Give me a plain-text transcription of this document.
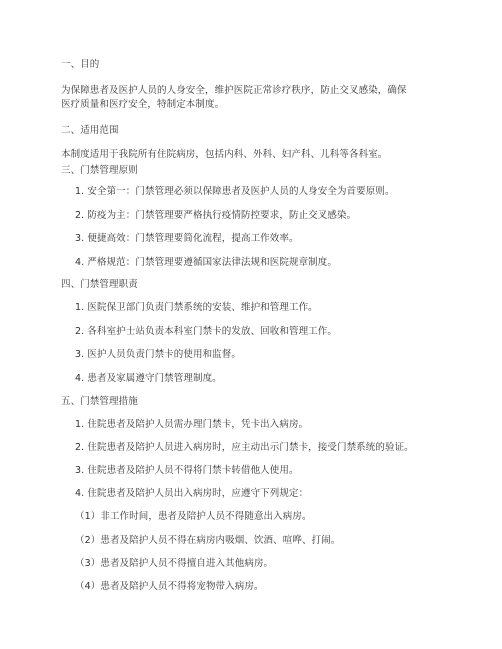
一、目的
为保障患者及医护人员的人身安全，维护医院正常诊疗秩序，防止交叉感染，确保
医疗质量和医疗安全，特制定本制度。
二、适用范围
本制度适用于我院所有住院病房，包括内科、外科、妇产科、儿科等各科室。
三、门禁管理原则
1. 安全第一：门禁管理必须以保障患者及医护人员的人身安全为首要原则。
2. 防疫为主：门禁管理要严格执行疫情防控要求，防止交叉感染。
3. 便捷高效：门禁管理要简化流程，提高工作效率。
4. 严格规范：门禁管理要遵循国家法律法规和医院规章制度。
四、门禁管理职责
1. 医院保卫部门负责门禁系统的安装、维护和管理工作。
2. 各科室护士站负责本科室门禁卡的发放、回收和管理工作。
3. 医护人员负责门禁卡的使用和监督。
4. 患者及家属遵守门禁管理制度。
五、门禁管理措施
1. 住院患者及陪护人员需办理门禁卡，凭卡出入病房。
2. 住院患者及陪护人员进入病房时，应主动出示门禁卡，接受门禁系统的验证。
3. 住院患者及陪护人员不得将门禁卡转借他人使用。
4. 住院患者及陪护人员出入病房时，应遵守下列规定：
（1）非工作时间，患者及陪护人员不得随意出入病房。
（2）患者及陪护人员不得在病房内吸烟、饮酒、喧哗、打闹。
（3）患者及陪护人员不得擅自进入其他病房。
（4）患者及陪护人员不得将宠物带入病房。
